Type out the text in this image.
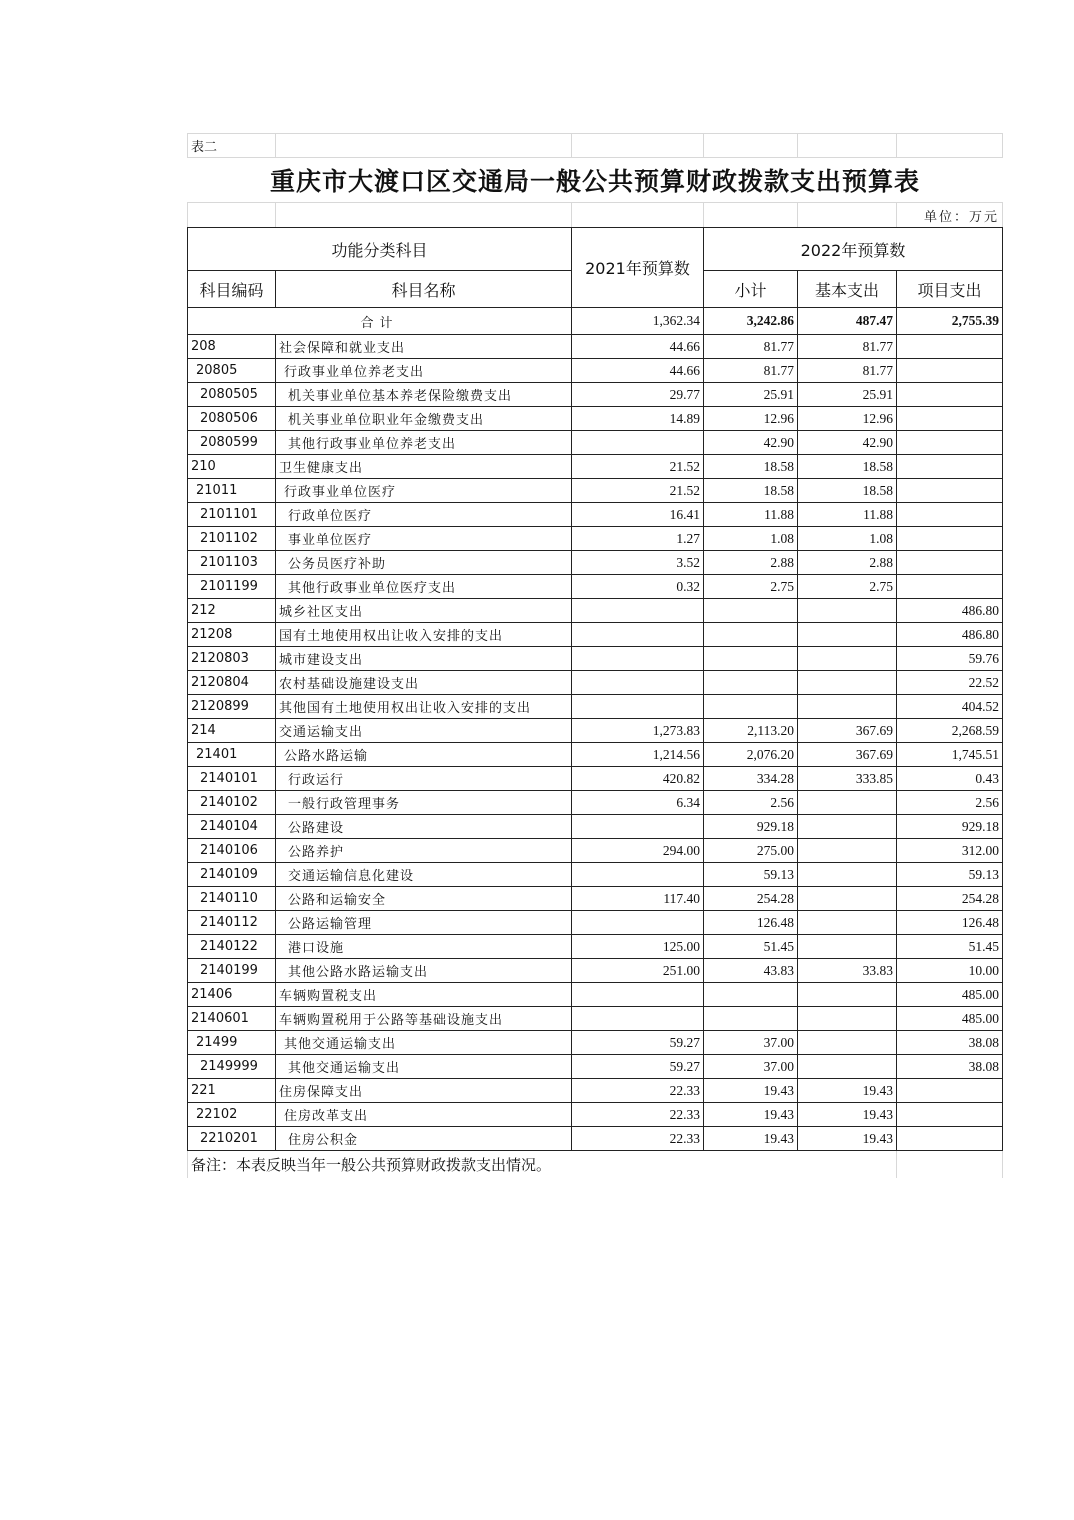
表二					
重庆市大渡口区交通局一般公共预算财政拨款支出预算表					
					单位：万元
功能分类科目		2021年预算数	2022年预算数		
科目编码	科目名称		小计	基本支出	项目支出
合计		1,362.34	3,242.86	487.47	2,755.39
208	社会保障和就业支出	44.66	81.77	81.77	
20805	行政事业单位养老支出	44.66	81.77	81.77	
2080505	机关事业单位基本养老保险缴费支出	29.77	25.91	25.91	
2080506	机关事业单位职业年金缴费支出	14.89	12.96	12.96	
2080599	其他行政事业单位养老支出		42.90	42.90	
210	卫生健康支出	21.52	18.58	18.58	
21011	行政事业单位医疗	21.52	18.58	18.58	
2101101	行政单位医疗	16.41	11.88	11.88	
2101102	事业单位医疗	1.27	1.08	1.08	
2101103	公务员医疗补助	3.52	2.88	2.88	
2101199	其他行政事业单位医疗支出	0.32	2.75	2.75	
212	城乡社区支出				486.80
21208	国有土地使用权出让收入安排的支出				486.80
2120803	城市建设支出				59.76
2120804	农村基础设施建设支出				22.52
2120899	其他国有土地使用权出让收入安排的支出				404.52
214	交通运输支出	1,273.83	2,113.20	367.69	2,268.59
21401	公路水路运输	1,214.56	2,076.20	367.69	1,745.51
2140101	行政运行	420.82	334.28	333.85	0.43
2140102	一般行政管理事务	6.34	2.56		2.56
2140104	公路建设		929.18		929.18
2140106	公路养护	294.00	275.00		312.00
2140109	交通运输信息化建设		59.13		59.13
2140110	公路和运输安全	117.40	254.28		254.28
2140112	公路运输管理		126.48		126.48
2140122	港口设施	125.00	51.45		51.45
2140199	其他公路水路运输支出	251.00	43.83	33.83	10.00
21406	车辆购置税支出				485.00
2140601	车辆购置税用于公路等基础设施支出				485.00
21499	其他交通运输支出	59.27	37.00		38.08
2149999	其他交通运输支出	59.27	37.00		38.08
221	住房保障支出	22.33	19.43	19.43	
22102	住房改革支出	22.33	19.43	19.43	
2210201	住房公积金	22.33	19.43	19.43	
备注：本表反映当年一般公共预算财政拨款支出情况。	
